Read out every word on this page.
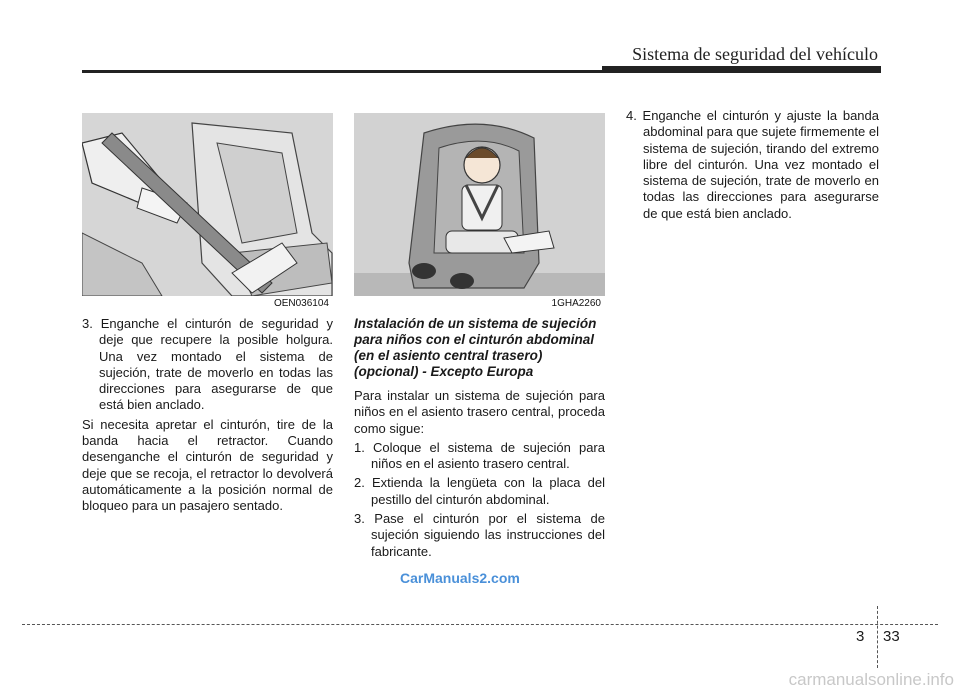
Sistema de seguridad del vehículo
OEN036104	1GHA2260

3. Enganche el cinturón de seguridad y deje que recupere la posible holgura. Una vez montado el sistema de sujeción, trate de moverlo en todas las direcciones para asegurarse de que está bien anclado.

Si necesita apretar el cinturón, tire de la banda hacia el retractor. Cuando desenganche el cinturón de seguridad y deje que se recoja, el retractor lo devolverá automáticamente a la posición normal de bloqueo para un pasajero sentado.

Instalación de un sistema de sujeción para niños con el cinturón abdominal (en el asiento central trasero) (opcional) - Excepto Europa

Para instalar un sistema de sujeción para niños en el asiento trasero central, proceda como sigue:

1. Coloque el sistema de sujeción para niños en el asiento trasero central.

2. Extienda la lengüeta con la placa del pestillo del cinturón abdominal.

3. Pase el cinturón por el sistema de sujeción siguiendo las instrucciones del fabricante.

4. Enganche el cinturón y ajuste la banda abdominal para que sujete firmemente el sistema de sujeción, tirando del extremo libre del cinturón. Una vez montado el sistema de sujeción, trate de moverlo en todas las direcciones para asegurarse de que está bien anclado.

CarManuals2.com
3 33
carmanualsonline.info
